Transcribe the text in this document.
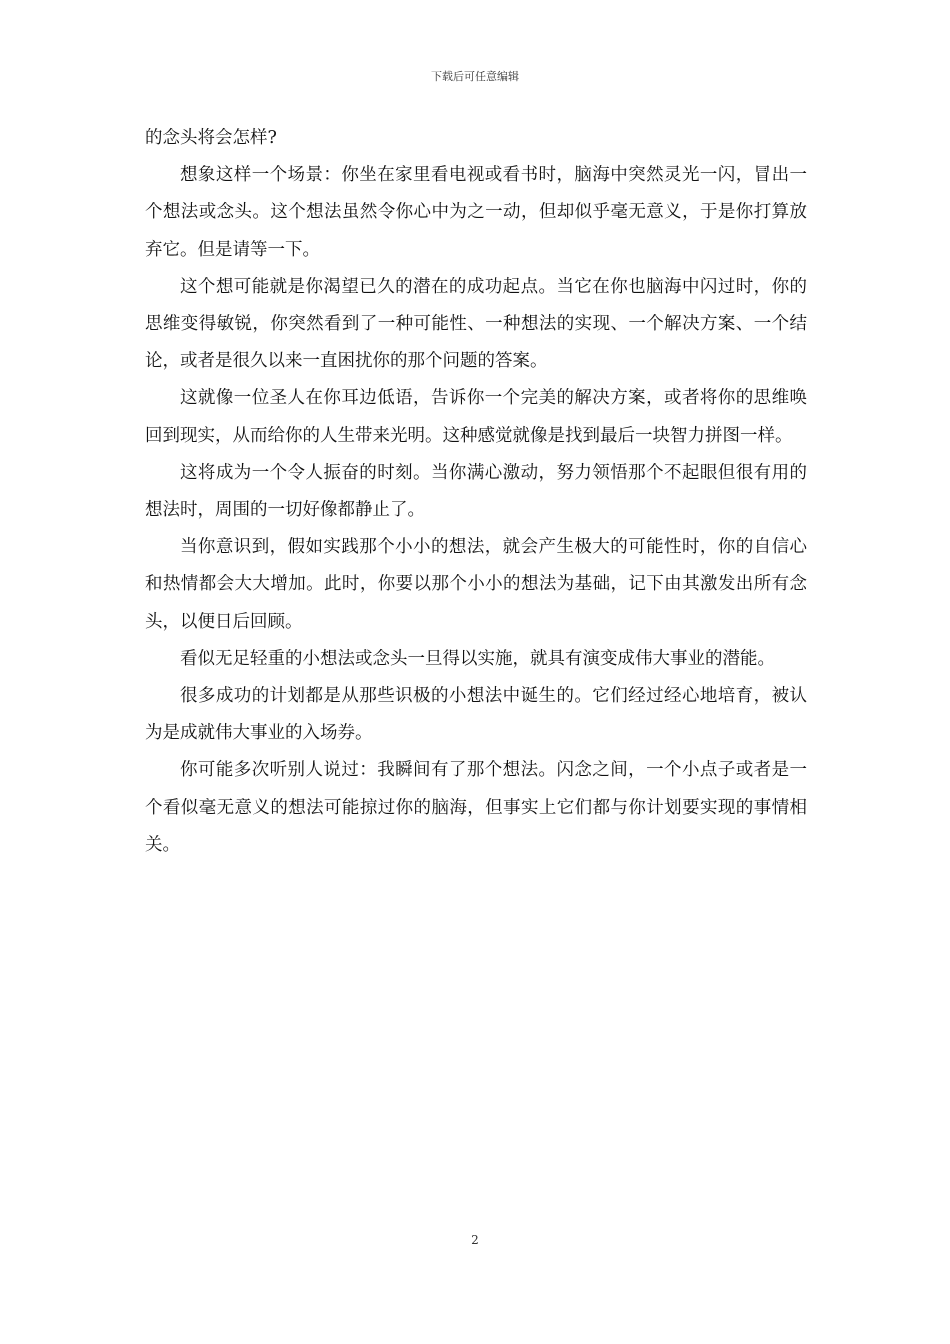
下载后可任意编辑

的念头将会怎样?

想象这样一个场景：你坐在家里看电视或看书时，脑海中突然灵光一闪，冒出一个想法或念头。这个想法虽然令你心中为之一动，但却似乎毫无意义，于是你打算放弃它。但是请等一下。

这个想可能就是你渴望已久的潜在的成功起点。当它在你也脑海中闪过时，你的思维变得敏锐，你突然看到了一种可能性、一种想法的实现、一个解决方案、一个结论，或者是很久以来一直困扰你的那个问题的答案。

这就像一位圣人在你耳边低语，告诉你一个完美的解决方案，或者将你的思维唤回到现实，从而给你的人生带来光明。这种感觉就像是找到最后一块智力拼图一样。

这将成为一个令人振奋的时刻。当你满心激动，努力领悟那个不起眼但很有用的想法时，周围的一切好像都静止了。

当你意识到，假如实践那个小小的想法，就会产生极大的可能性时，你的自信心和热情都会大大增加。此时，你要以那个小小的想法为基础，记下由其激发出所有念头，以便日后回顾。

看似无足轻重的小想法或念头一旦得以实施，就具有演变成伟大事业的潜能。

很多成功的计划都是从那些识极的小想法中诞生的。它们经过经心地培育，被认为是成就伟大事业的入场券。

你可能多次听别人说过：我瞬间有了那个想法。闪念之间，一个小点子或者是一个看似毫无意义的想法可能掠过你的脑海，但事实上它们都与你计划要实现的事情相关。

2
